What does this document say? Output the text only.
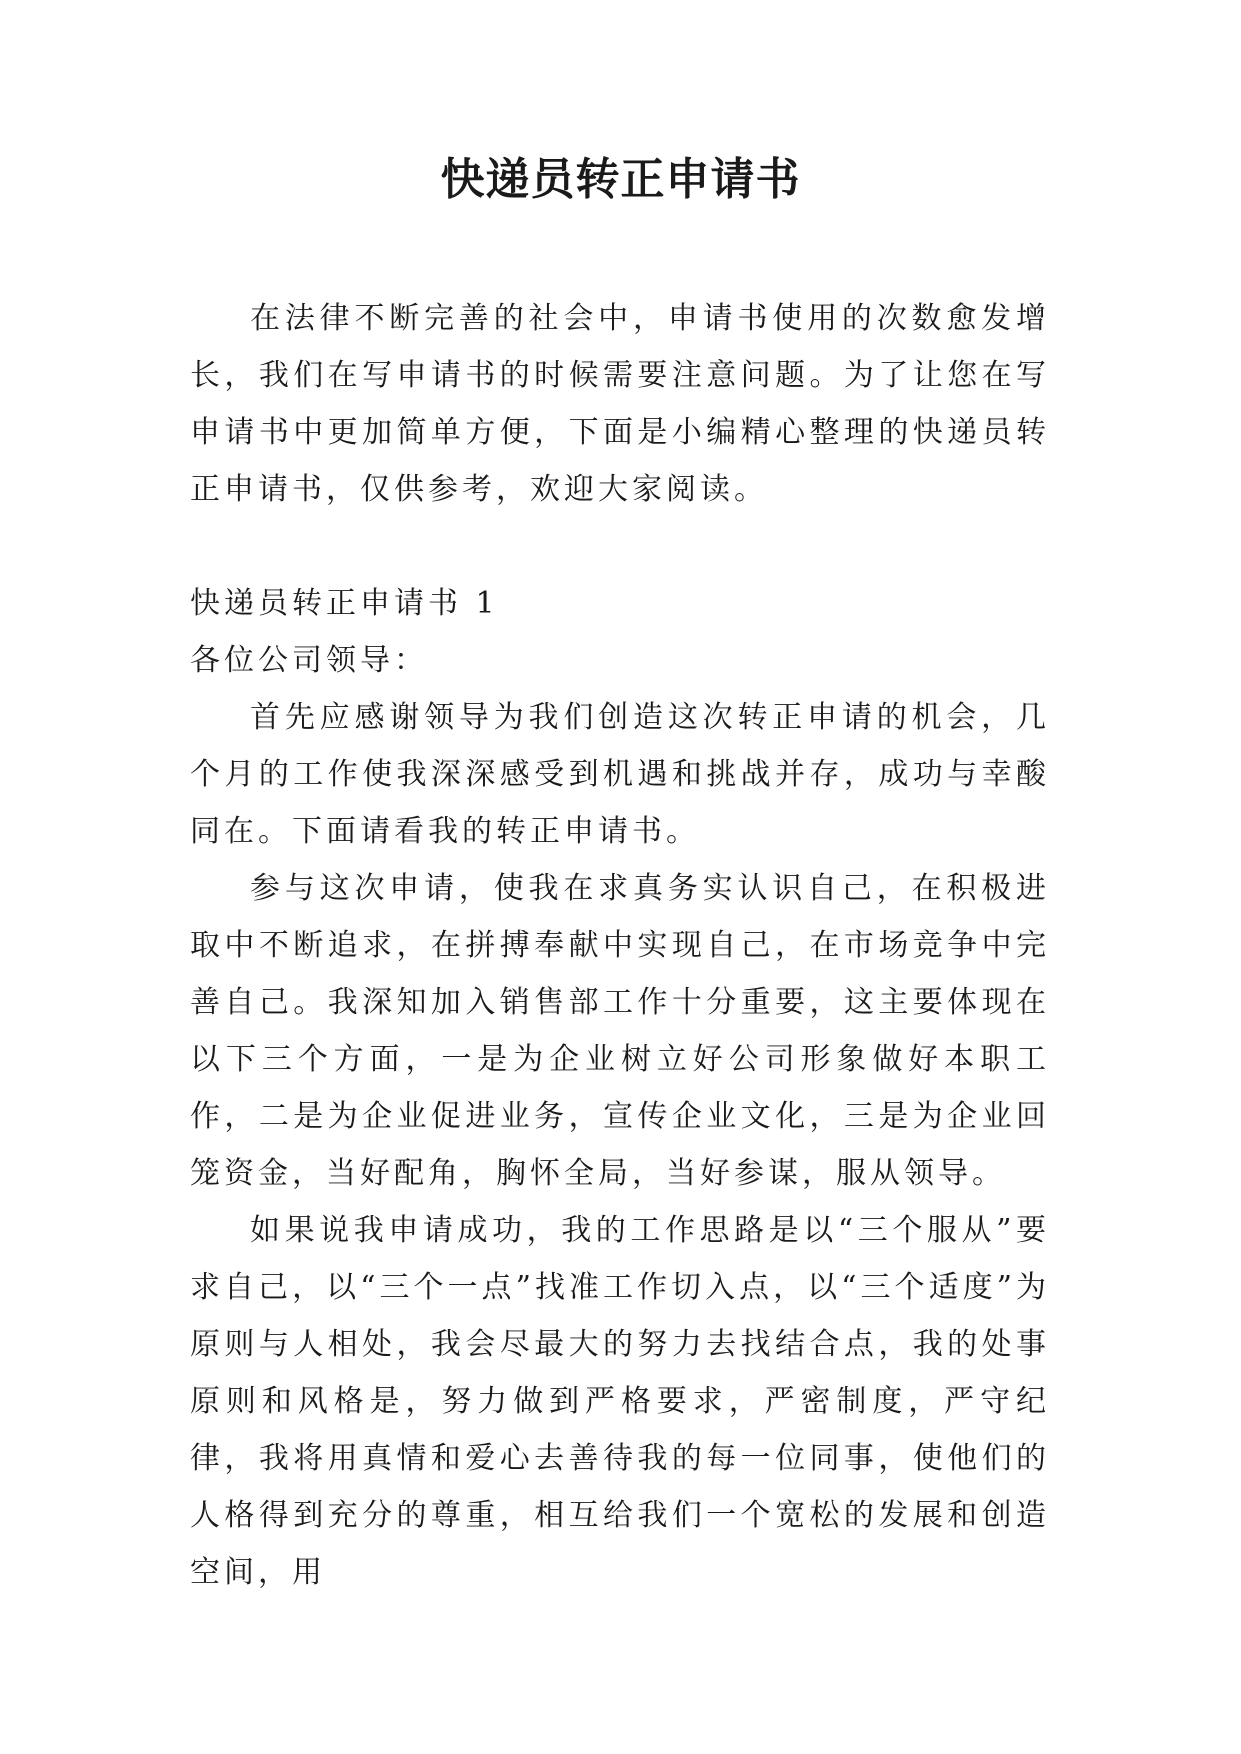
快递员转正申请书

在法律不断完善的社会中，申请书使用的次数愈发增长，我们在写申请书的时候需要注意问题。为了让您在写申请书中更加简单方便，下面是小编精心整理的快递员转正申请书，仅供参考，欢迎大家阅读。

快递员转正申请书 1

各位公司领导：

首先应感谢领导为我们创造这次转正申请的机会，几个月的工作使我深深感受到机遇和挑战并存，成功与幸酸同在。下面请看我的转正申请书。

参与这次申请，使我在求真务实认识自己，在积极进取中不断追求，在拼搏奉献中实现自己，在市场竞争中完善自己。我深知加入销售部工作十分重要，这主要体现在以下三个方面，一是为企业树立好公司形象做好本职工作，二是为企业促进业务，宣传企业文化，三是为企业回笼资金，当好配角，胸怀全局，当好参谋，服从领导。

如果说我申请成功，我的工作思路是以“三个服从”要求自己，以“三个一点”找准工作切入点，以“三个适度”为原则与人相处，我会尽最大的努力去找结合点，我的处事原则和风格是，努力做到严格要求，严密制度，严守纪律，我将用真情和爱心去善待我的每一位同事，使他们的人格得到充分的尊重，相互给我们一个宽松的发展和创造空间，用
